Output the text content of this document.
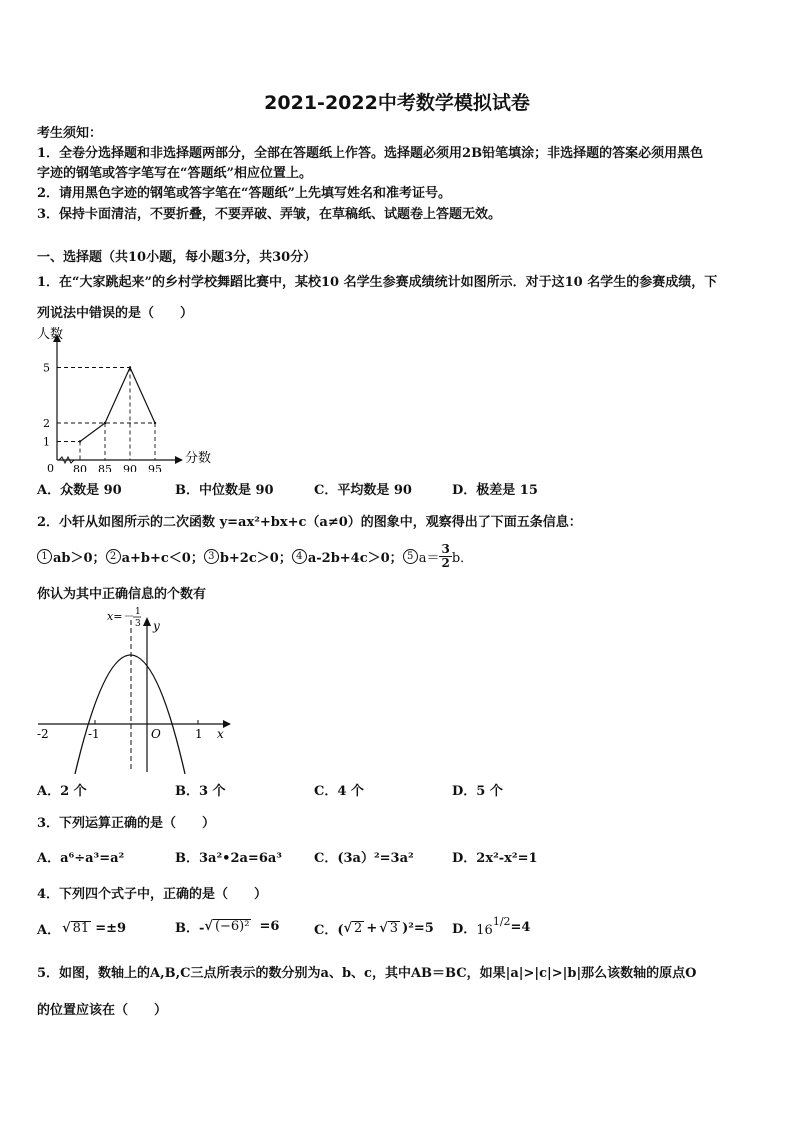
2021-2022中考数学模拟试卷
考生须知：
1．全卷分选择题和非选择题两部分，全部在答题纸上作答。选择题必须用2B铅笔填涂；非选择题的答案必须用黑色
字迹的钢笔或答字笔写在“答题纸”相应位置上。
2．请用黑色字迹的钢笔或答字笔在“答题纸”上先填写姓名和准考证号。
3．保持卡面清洁，不要折叠，不要弄破、弄皱，在草稿纸、试题卷上答题无效。
一、选择题（共10小题，每小题3分，共30分）
1．在“大家跳起来”的乡村学校舞蹈比赛中，某校10 名学生参赛成绩统计如图所示．对于这10 名学生的参赛成绩，下
列说法中错误的是（　　）
80 85 90 95
1
2
5
0
人数
分数
A．众数是 90	B．中位数是 90	C．平均数是 90	D．极差是 15
2．小轩从如图所示的二次函数 y=ax²+bx+c（a≠0）的图象中，观察得出了下面五条信息：
1 ab＞0； 2 a+b+c＜0； 3 b+2c＞0； 4 a-2b+4c＞0； 5 $a= \frac{3}{2}$ b．
你认为其中正确信息的个数有
x=－ 1
3 y
x
-2	-1	O	1
A．2 个	B．3 个	C．4 个	D．5 个
3．下列运算正确的是（　　）
A．a⁶÷a³=a²	B．3a²•2a=6a³ C．(3a）²=3a²	D．2x²-x²=1
4．下列四个式子中，正确的是（　　）
A． √ 81 =±9	B．- √ (−6)² =6	C．( √ 2 + √ 3 )²=5 D． 16
1/2 =4
5．如图，数轴上的A,B,C三点所表示的数分别为a、b、c，其中AB＝BC，如果|a|>|c|>|b|那么该数轴的原点O
的位置应该在（　　）
